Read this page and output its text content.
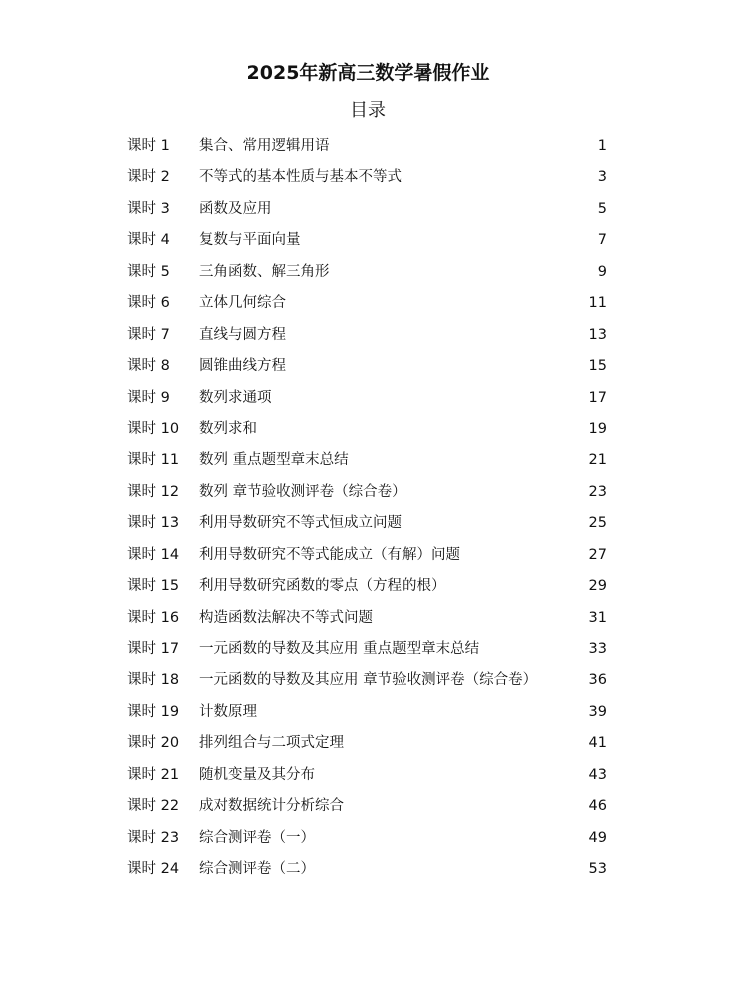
2025年新高三数学暑假作业
目录
课时 1 集合、常用逻辑用语	1
课时 2 不等式的基本性质与基本不等式	3
课时 3 函数及应用	5
课时 4 复数与平面向量	7
课时 5 三角函数、解三角形	9
课时 6 立体几何综合	11
课时 7 直线与圆方程	13
课时 8 圆锥曲线方程	15
课时 9 数列求通项	17
课时 10 数列求和	19
课时 11 数列 重点题型章末总结	21
课时 12 数列 章节验收测评卷（综合卷）	23
课时 13 利用导数研究不等式恒成立问题	25
课时 14 利用导数研究不等式能成立（有解）问题	27
课时 15 利用导数研究函数的零点（方程的根）	29
课时 16 构造函数法解决不等式问题	31
课时 17 一元函数的导数及其应用 重点题型章末总结	33
课时 18 一元函数的导数及其应用 章节验收测评卷（综合卷）	36
课时 19 计数原理	39
课时 20 排列组合与二项式定理	41
课时 21 随机变量及其分布	43
课时 22 成对数据统计分析综合	46
课时 23 综合测评卷（一）	49
课时 24 综合测评卷（二）	53
